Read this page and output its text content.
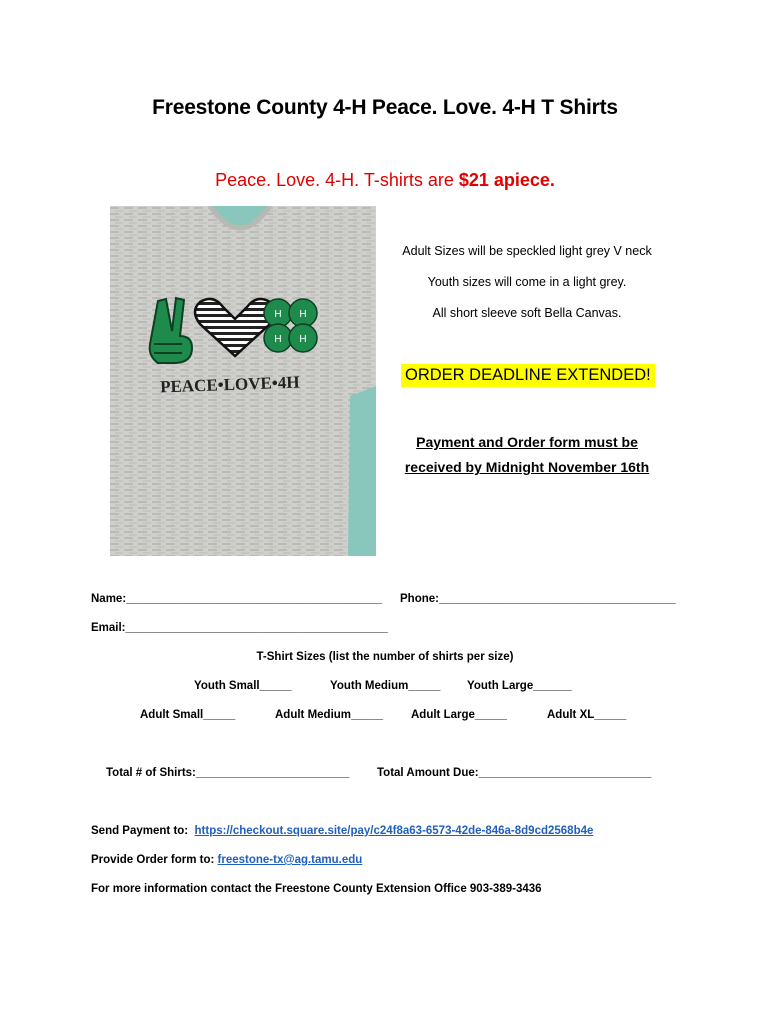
Freestone County 4-H Peace. Love. 4-H T Shirts
Peace. Love. 4-H. T-shirts are $21 apiece.
H H
H H
PEACE•LOVE•4H
Adult Sizes will be speckled light grey V neck
Youth sizes will come in a light grey.
All short sleeve soft Bella Canvas.
ORDER DEADLINE EXTENDED!
Payment and Order form must be
received by Midnight November 16th
Name:________________________________________ Phone:_____________________________________
Email:_________________________________________
T-Shirt Sizes (list the number of shirts per size)
Youth Small_____	Youth Medium_____ Youth Large______
Adult Small_____	Adult Medium_____ Adult Large_____	Adult XL_____
Total # of Shirts:________________________ Total Amount Due:___________________________
Send Payment to: https://checkout.square.site/pay/c24f8a63-6573-42de-846a-8d9cd2568b4e
Provide Order form to: freestone-tx@ag.tamu.edu
For more information contact the Freestone County Extension Office 903-389-3436
